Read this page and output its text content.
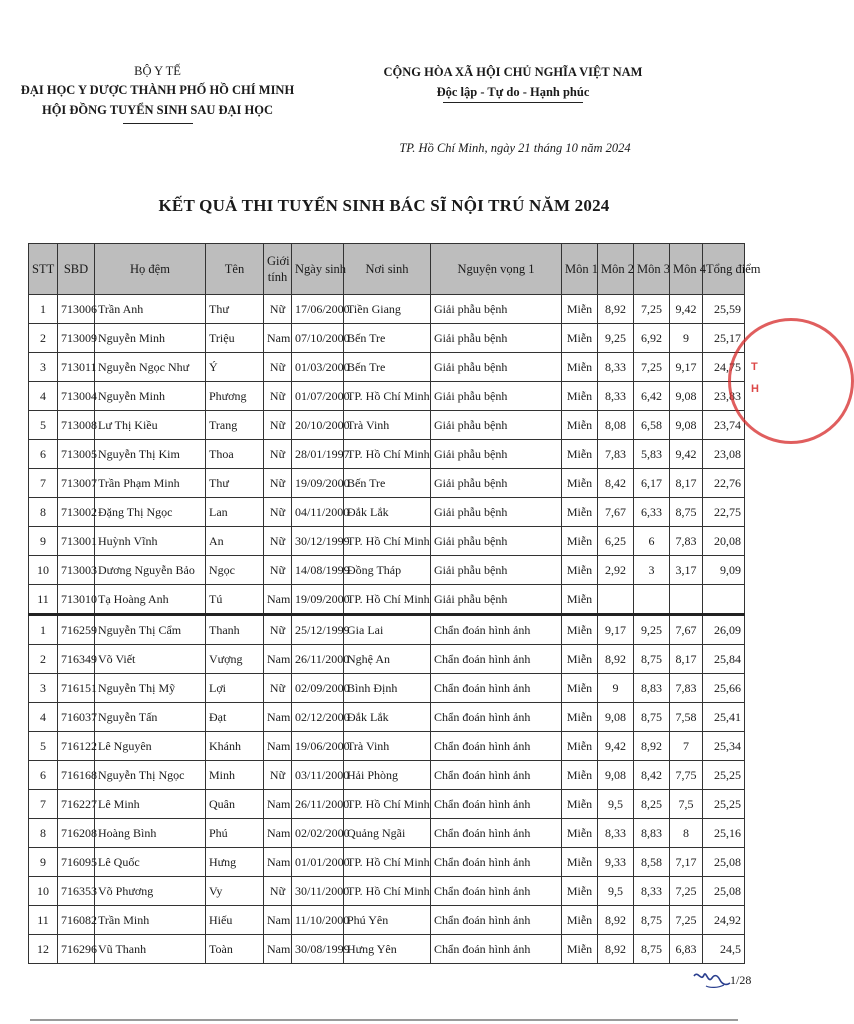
BỘ Y TẾ
ĐẠI HỌC Y DƯỢC THÀNH PHỐ HỒ CHÍ MINH
HỘI ĐỒNG TUYỂN SINH SAU ĐẠI HỌC
CỘNG HÒA XÃ HỘI CHỦ NGHĨA VIỆT NAM
Độc lập - Tự do - Hạnh phúc
TP. Hồ Chí Minh, ngày 21 tháng 10 năm 2024
KẾT QUẢ THI TUYỂN SINH BÁC SĨ NỘI TRÚ NĂM 2024
STT	SBD	Họ đệm	Tên	Giới
tính	Ngày sinh	Nơi sinh	Nguyện vọng 1	Môn 1	Môn 2	Môn 3	Môn 4	Tổng điểm
1	713006	Trần Anh	Thư	Nữ	17/06/2000	Tiền Giang	Giải phẫu bệnh	Miễn	8,92	7,25	9,42	25,59
2	713009	Nguyễn Minh	Triệu	Nam	07/10/2000	Bến Tre	Giải phẫu bệnh	Miễn	9,25	6,92	9	25,17
3	713011	Nguyễn Ngọc Như	Ý	Nữ	01/03/2000	Bến Tre	Giải phẫu bệnh	Miễn	8,33	7,25	9,17	24,75
4	713004	Nguyễn Minh	Phương	Nữ	01/07/2000	TP. Hồ Chí Minh	Giải phẫu bệnh	Miễn	8,33	6,42	9,08	23,83
5	713008	Lư Thị Kiều	Trang	Nữ	20/10/2000	Trà Vinh	Giải phẫu bệnh	Miễn	8,08	6,58	9,08	23,74
6	713005	Nguyễn Thị Kim	Thoa	Nữ	28/01/1997	TP. Hồ Chí Minh	Giải phẫu bệnh	Miễn	7,83	5,83	9,42	23,08
7	713007	Trần Phạm Minh	Thư	Nữ	19/09/2000	Bến Tre	Giải phẫu bệnh	Miễn	8,42	6,17	8,17	22,76
8	713002	Đặng Thị Ngọc	Lan	Nữ	04/11/2000	Đắk Lắk	Giải phẫu bệnh	Miễn	7,67	6,33	8,75	22,75
9	713001	Huỳnh Vĩnh	An	Nữ	30/12/1999	TP. Hồ Chí Minh	Giải phẫu bệnh	Miễn	6,25	6	7,83	20,08
10	713003	Dương Nguyễn Bảo	Ngọc	Nữ	14/08/1999	Đồng Tháp	Giải phẫu bệnh	Miễn	2,92	3	3,17	9,09
11	713010	Tạ Hoàng Anh	Tú	Nam	19/09/2000	TP. Hồ Chí Minh	Giải phẫu bệnh	Miễn				
1	716259	Nguyễn Thị Cẩm	Thanh	Nữ	25/12/1999	Gia Lai	Chẩn đoán hình ảnh	Miễn	9,17	9,25	7,67	26,09
2	716349	Võ Viết	Vượng	Nam	26/11/2000	Nghệ An	Chẩn đoán hình ảnh	Miễn	8,92	8,75	8,17	25,84
3	716151	Nguyễn Thị Mỹ	Lợi	Nữ	02/09/2000	Bình Định	Chẩn đoán hình ảnh	Miễn	9	8,83	7,83	25,66
4	716037	Nguyễn Tấn	Đạt	Nam	02/12/2000	Đắk Lắk	Chẩn đoán hình ảnh	Miễn	9,08	8,75	7,58	25,41
5	716122	Lê Nguyên	Khánh	Nam	19/06/2000	Trà Vinh	Chẩn đoán hình ảnh	Miễn	9,42	8,92	7	25,34
6	716168	Nguyễn Thị Ngọc	Minh	Nữ	03/11/2000	Hải Phòng	Chẩn đoán hình ảnh	Miễn	9,08	8,42	7,75	25,25
7	716227	Lê Minh	Quân	Nam	26/11/2000	TP. Hồ Chí Minh	Chẩn đoán hình ảnh	Miễn	9,5	8,25	7,5	25,25
8	716208	Hoàng Bình	Phú	Nam	02/02/2000	Quảng Ngãi	Chẩn đoán hình ảnh	Miễn	8,33	8,83	8	25,16
9	716095	Lê Quốc	Hưng	Nam	01/01/2000	TP. Hồ Chí Minh	Chẩn đoán hình ảnh	Miễn	9,33	8,58	7,17	25,08
10	716353	Võ Phương	Vy	Nữ	30/11/2000	TP. Hồ Chí Minh	Chẩn đoán hình ảnh	Miễn	9,5	8,33	7,25	25,08
11	716082	Trần Minh	Hiếu	Nam	11/10/2000	Phú Yên	Chẩn đoán hình ảnh	Miễn	8,92	8,75	7,25	24,92
12	716296	Vũ Thanh	Toàn	Nam	30/08/1999	Hưng Yên	Chẩn đoán hình ảnh	Miễn	8,92	8,75	6,83	24,5
T
H
1/28
